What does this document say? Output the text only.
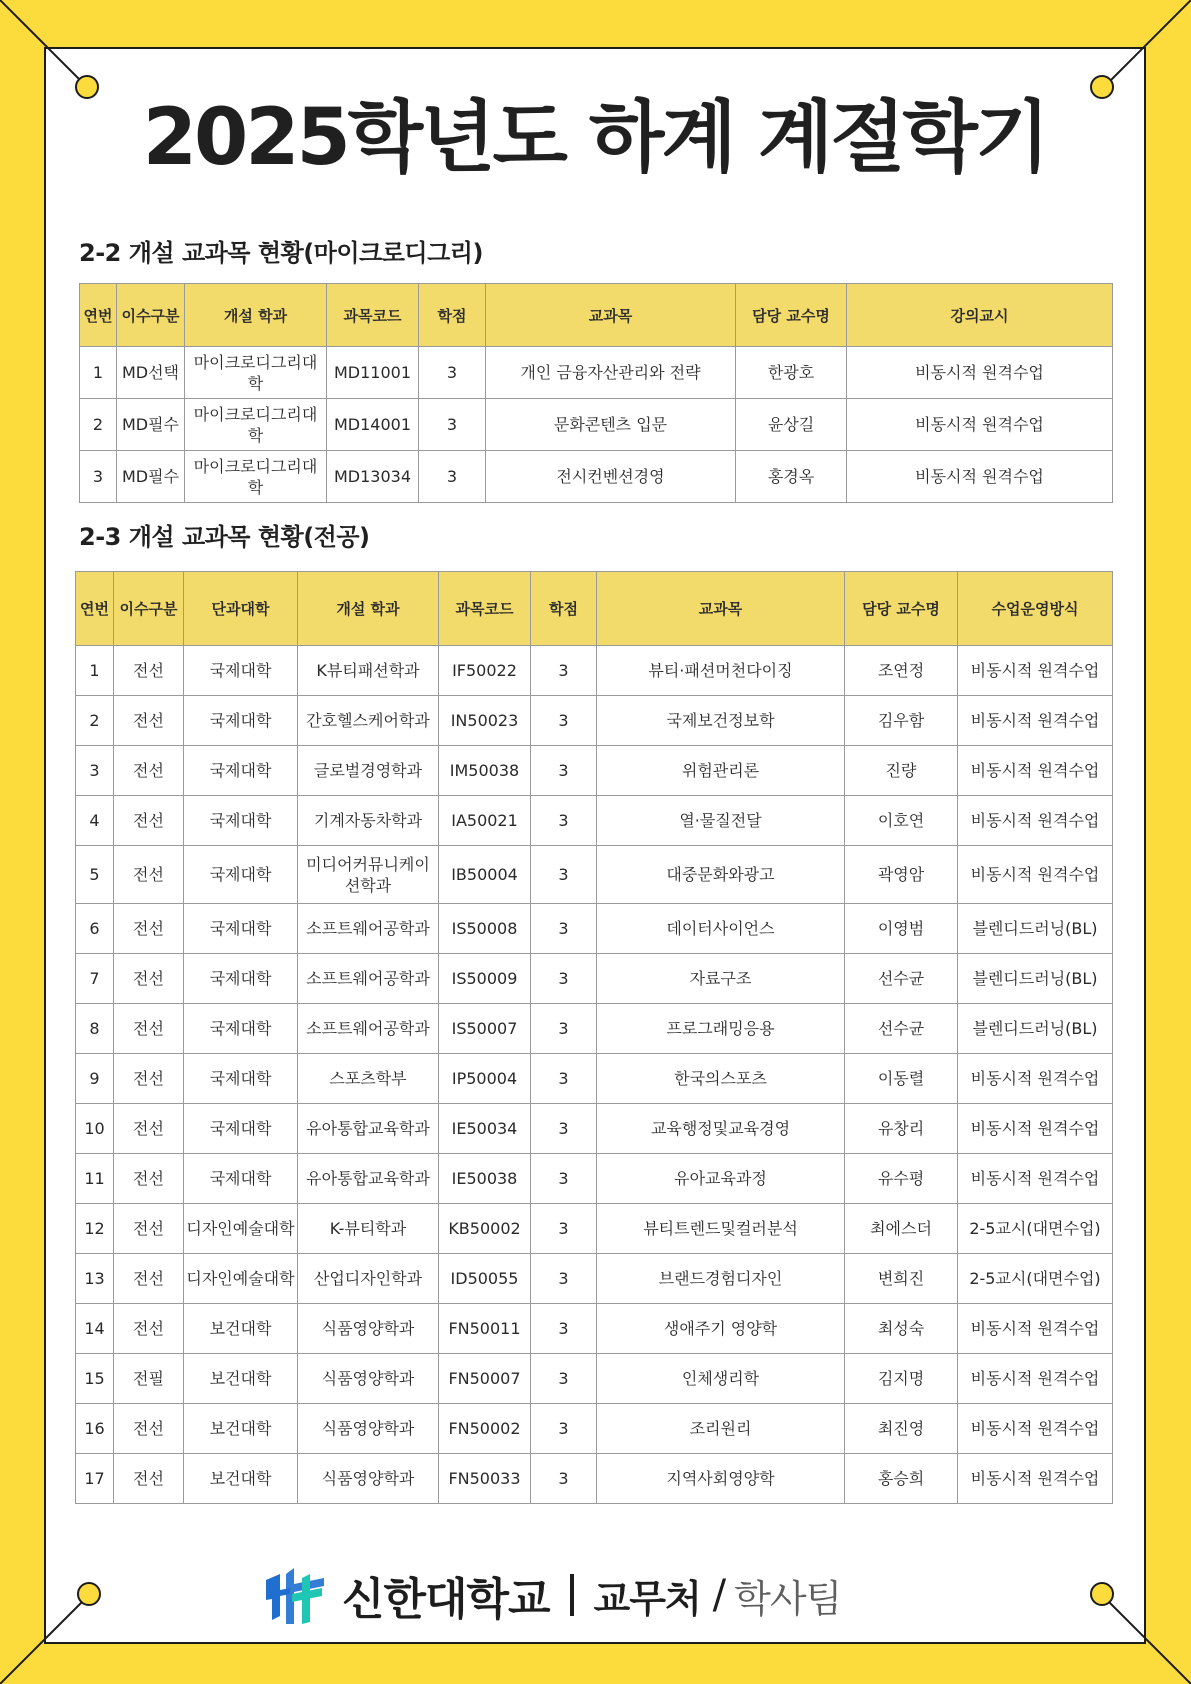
2025학년도 하계 계절학기
2-2 개설 교과목 현황(마이크로디그리)
연번	이수구분	개설 학과	과목코드	학점	교과목	담당 교수명	강의교시
1	MD선택	마이크로디그리대학	MD11001	3	개인 금융자산관리와 전략	한광호	비동시적 원격수업
2	MD필수	마이크로디그리대학	MD14001	3	문화콘텐츠 입문	윤상길	비동시적 원격수업
3	MD필수	마이크로디그리대학	MD13034	3	전시컨벤션경영	홍경옥	비동시적 원격수업
2-3 개설 교과목 현황(전공)
연번	이수구분	단과대학	개설 학과	과목코드	학점	교과목	담당 교수명	수업운영방식
1	전선	국제대학	K뷰티패션학과	IF50022	3	뷰티·패션머천다이징	조연정	비동시적 원격수업
2	전선	국제대학	간호헬스케어학과	IN50023	3	국제보건정보학	김우함	비동시적 원격수업
3	전선	국제대학	글로벌경영학과	IM50038	3	위험관리론	진량	비동시적 원격수업
4	전선	국제대학	기계자동차학과	IA50021	3	열·물질전달	이호연	비동시적 원격수업
5	전선	국제대학	미디어커뮤니케이션학과	IB50004	3	대중문화와광고	곽영암	비동시적 원격수업
6	전선	국제대학	소프트웨어공학과	IS50008	3	데이터사이언스	이영범	블렌디드러닝(BL)
7	전선	국제대학	소프트웨어공학과	IS50009	3	자료구조	선수균	블렌디드러닝(BL)
8	전선	국제대학	소프트웨어공학과	IS50007	3	프로그래밍응용	선수균	블렌디드러닝(BL)
9	전선	국제대학	스포츠학부	IP50004	3	한국의스포츠	이동렬	비동시적 원격수업
10	전선	국제대학	유아통합교육학과	IE50034	3	교육행정및교육경영	유창리	비동시적 원격수업
11	전선	국제대학	유아통합교육학과	IE50038	3	유아교육과정	유수평	비동시적 원격수업
12	전선	디자인예술대학	K-뷰티학과	KB50002	3	뷰티트렌드및컬러분석	최에스더	2-5교시(대면수업)
13	전선	디자인예술대학	산업디자인학과	ID50055	3	브랜드경험디자인	변희진	2-5교시(대면수업)
14	전선	보건대학	식품영양학과	FN50011	3	생애주기 영양학	최성숙	비동시적 원격수업
15	전필	보건대학	식품영양학과	FN50007	3	인체생리학	김지명	비동시적 원격수업
16	전선	보건대학	식품영양학과	FN50002	3	조리원리	최진영	비동시적 원격수업
17	전선	보건대학	식품영양학과	FN50033	3	지역사회영양학	홍승희	비동시적 원격수업
신한대학교 교무처 / 학사팀
